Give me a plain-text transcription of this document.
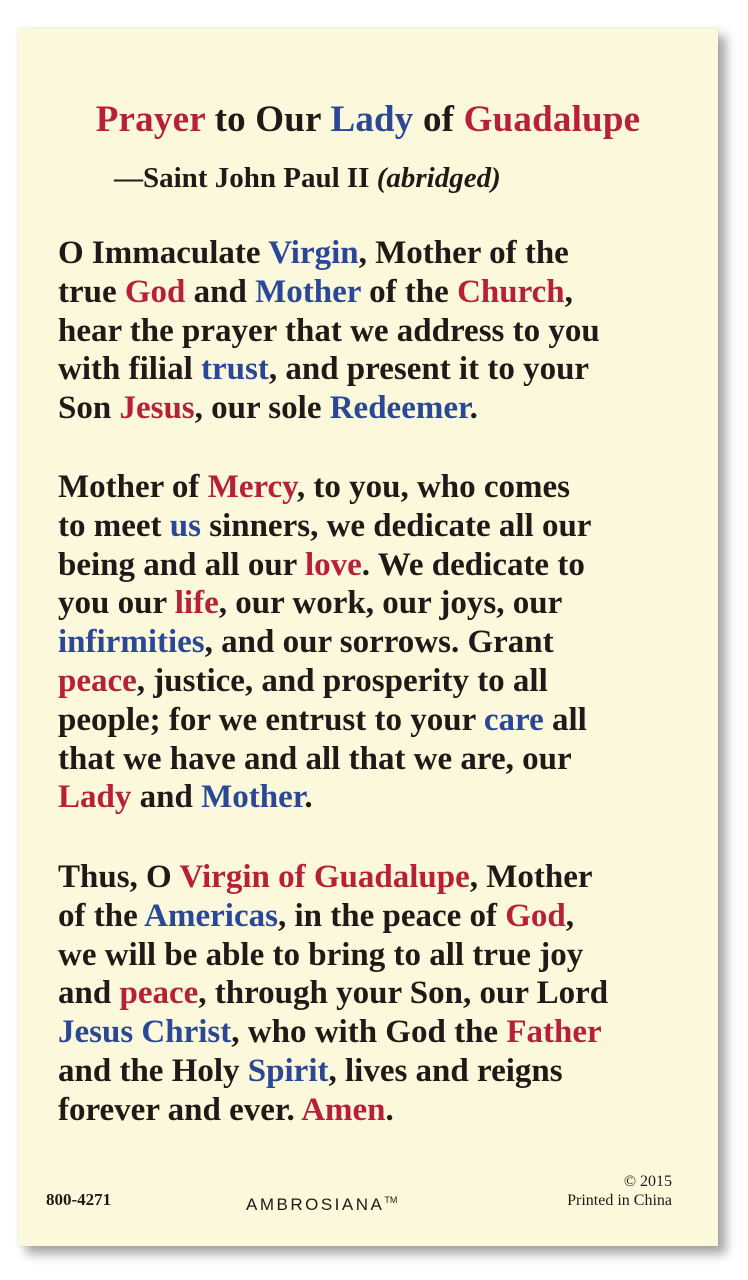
Prayer to Our Lady of Guadalupe
—Saint John Paul II (abridged)
O Immaculate Virgin, Mother of the
true God and Mother of the Church,
hear the prayer that we address to you
with filial trust, and present it to your
Son Jesus, our sole Redeemer.
Mother of Mercy, to you, who comes
to meet us sinners, we dedicate all our
being and all our love. We dedicate to
you our life, our work, our joys, our
infirmities, and our sorrows. Grant
peace, justice, and prosperity to all
people; for we entrust to your care all
that we have and all that we are, our
Lady and Mother.
Thus, O Virgin of Guadalupe, Mother
of the Americas, in the peace of God,
we will be able to bring to all true joy
and peace, through your Son, our Lord
Jesus Christ, who with God the Father
and the Holy Spirit, lives and reigns
forever and ever. Amen.
800-4271	AMBROSIANA™
© 2015
Printed in China
